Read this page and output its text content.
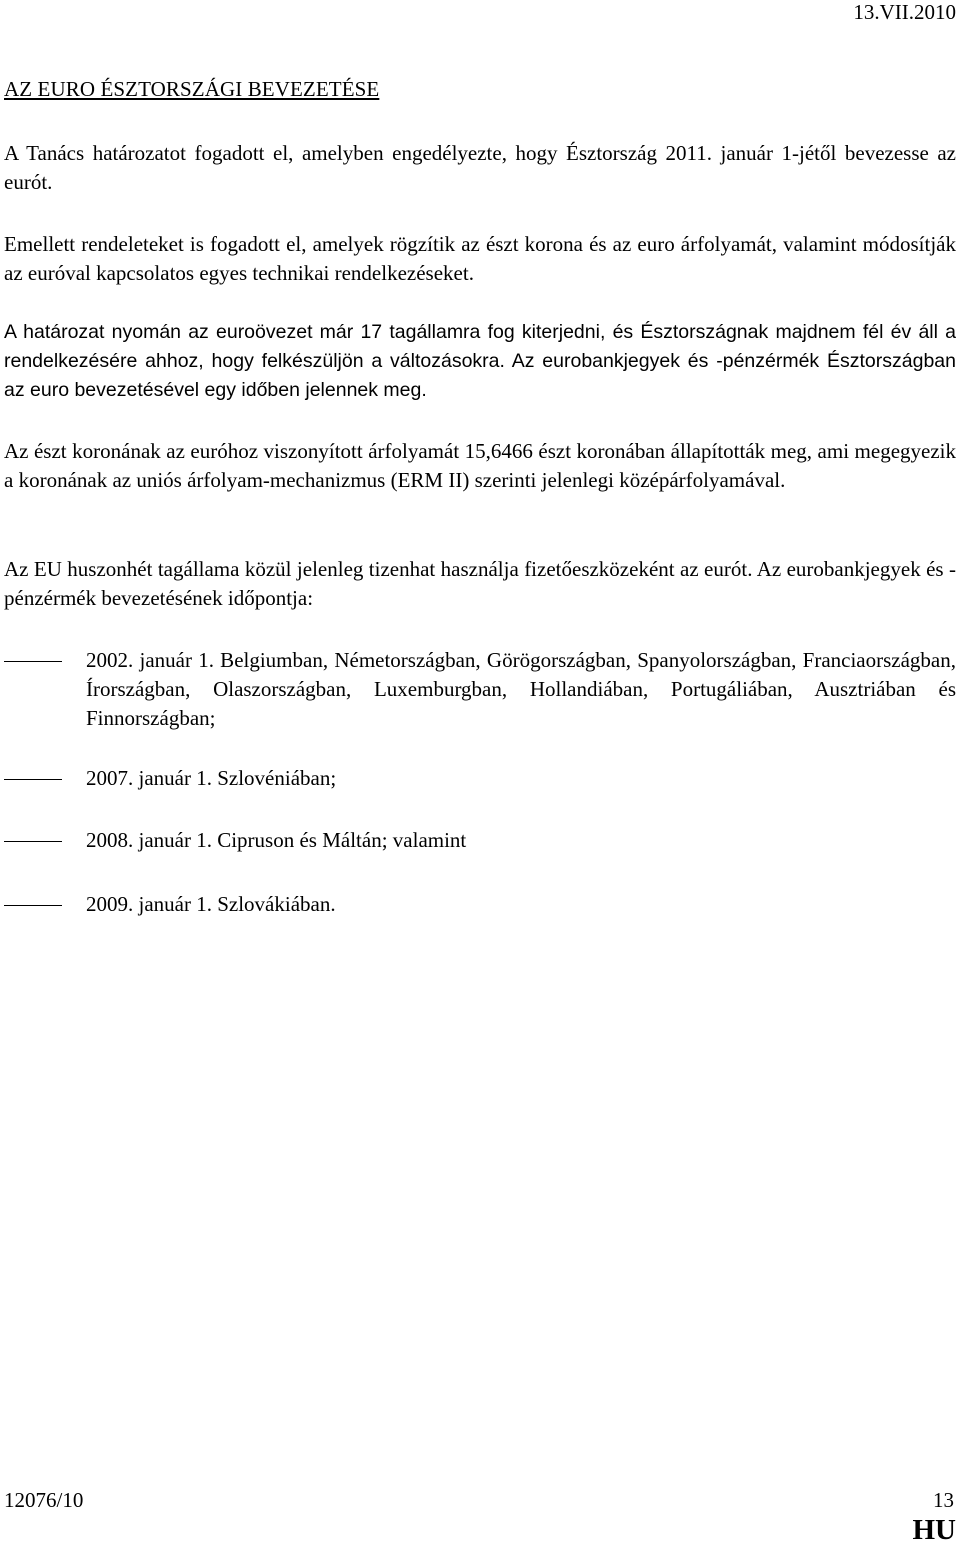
13.VII.2010
AZ EURO ÉSZTORSZÁGI BEVEZETÉSE

A Tanács határozatot fogadott el, amelyben engedélyezte, hogy Észtország 2011. január 1-jétől bevezesse az eurót.

Emellett rendeleteket is fogadott el, amelyek rögzítik az észt korona és az euro árfolyamát, valamint módosítják az euróval kapcsolatos egyes technikai rendelkezéseket.

A határozat nyomán az euroövezet már 17 tagállamra fog kiterjedni, és Észtországnak majdnem fél év áll a rendelkezésére ahhoz, hogy felkészüljön a változásokra. Az eurobankjegyek és -pénzérmék Észtországban az euro bevezetésével egy időben jelennek meg.

Az észt koronának az euróhoz viszonyított árfolyamát 15,6466 észt koronában állapították meg, ami megegyezik a koronának az uniós árfolyam-mechanizmus (ERM II) szerinti jelenlegi középárfolyamával.

Az EU huszonhét tagállama közül jelenleg tizenhat használja fizetőeszközeként az eurót. Az eurobankjegyek és -pénzérmék bevezetésének időpontja:

2002. január 1. Belgiumban, Németországban, Görögországban, Spanyolországban, Franciaországban, Írországban, Olaszországban, Luxemburgban, Hollandiában, Portugáliában, Ausztriában és Finnországban;

2007. január 1. Szlovéniában;

2008. január 1. Cipruson és Máltán; valamint

2009. január 1. Szlovákiában.

12076/10	13
HU
